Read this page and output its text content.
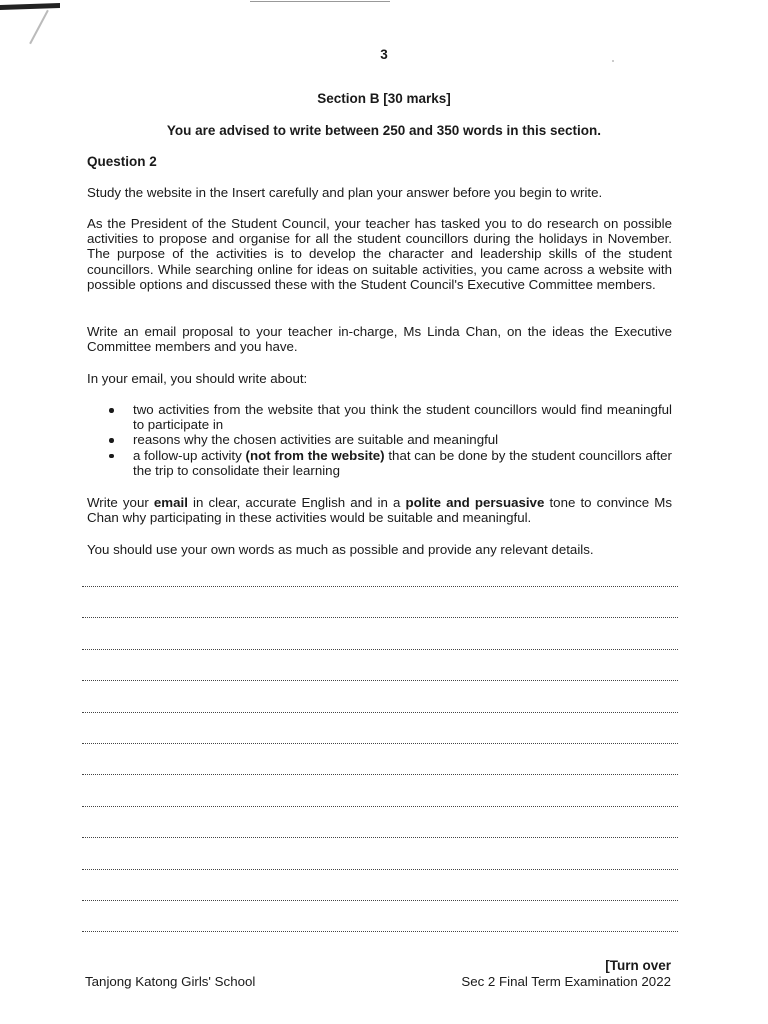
3
Section B [30 marks]
You are advised to write between 250 and 350 words in this section.
Question 2

Study the website in the Insert carefully and plan your answer before you begin to write.

As the President of the Student Council, your teacher has tasked you to do research on possible activities to propose and organise for all the student councillors during the holidays in November. The purpose of the activities is to develop the character and leadership skills of the student councillors. While searching online for ideas on suitable activities, you came across a website with possible options and discussed these with the Student Council's Executive Committee members.

Write an email proposal to your teacher in-charge, Ms Linda Chan, on the ideas the Executive Committee members and you have.

In your email, you should write about:

two activities from the website that you think the student councillors would find meaningful to participate in
reasons why the chosen activities are suitable and meaningful
a follow-up activity (not from the website) that can be done by the student councillors after the trip to consolidate their learning

Write your email in clear, accurate English and in a polite and persuasive tone to convince Ms Chan why participating in these activities would be suitable and meaningful.

You should use your own words as much as possible and provide any relevant details.

[Turn over
Tanjong Katong Girls' School	Sec 2 Final Term Examination 2022
